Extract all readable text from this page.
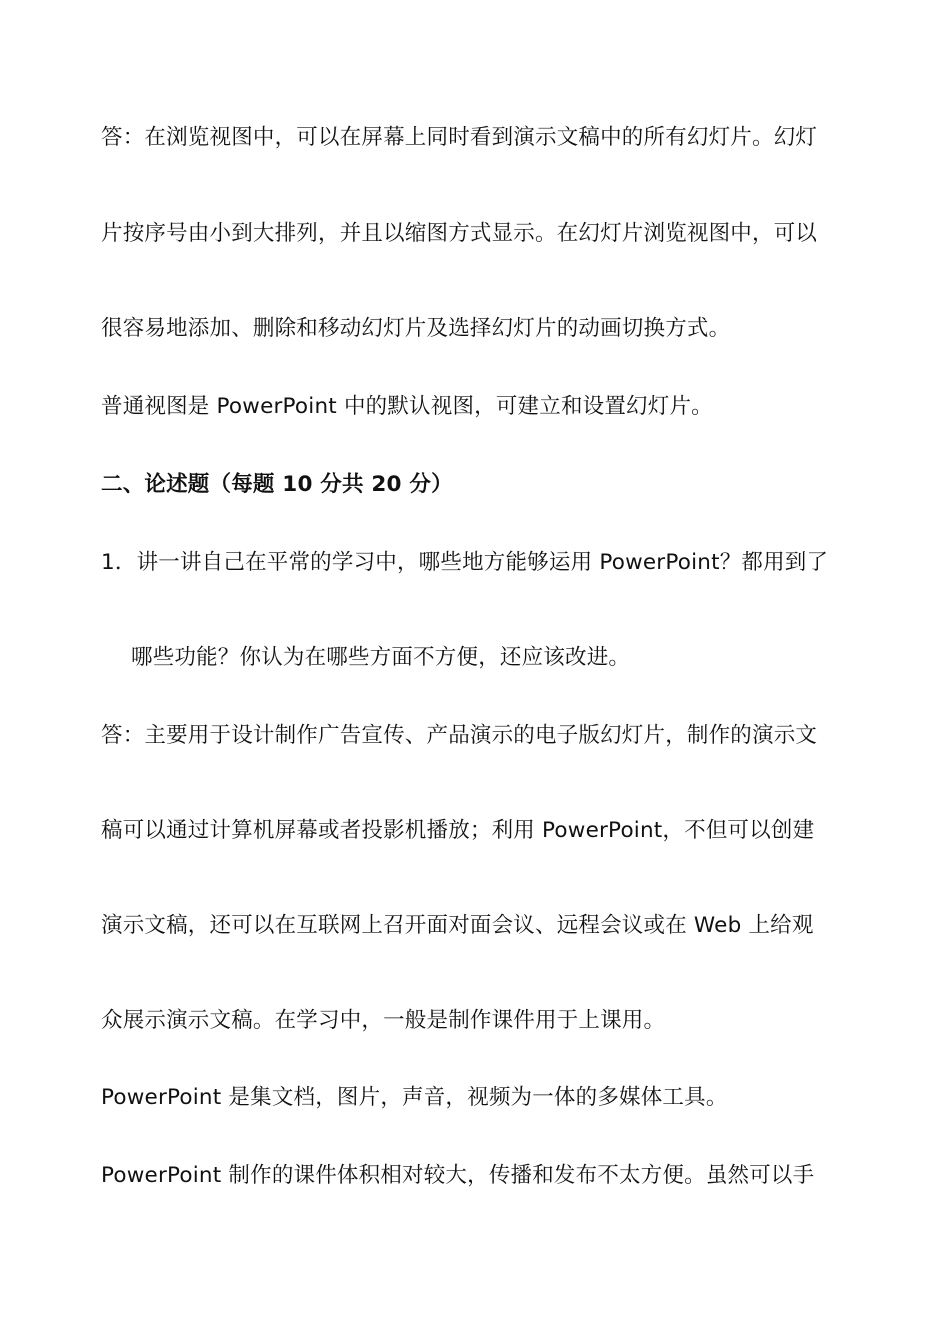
答：在浏览视图中，可以在屏幕上同时看到演示文稿中的所有幻灯片。幻灯
片按序号由小到大排列，并且以缩图方式显示。在幻灯片浏览视图中，可以
很容易地添加、删除和移动幻灯片及选择幻灯片的动画切换方式。
普通视图是 PowerPoint 中的默认视图，可建立和设置幻灯片。
二、论述题（每题 10 分共 20 分）
1．讲一讲自己在平常的学习中，哪些地方能够运用 PowerPoint？都用到了
哪些功能？你认为在哪些方面不方便，还应该改进。
答：主要用于设计制作广告宣传、产品演示的电子版幻灯片，制作的演示文
稿可以通过计算机屏幕或者投影机播放；利用 PowerPoint，不但可以创建
演示文稿，还可以在互联网上召开面对面会议、远程会议或在 Web 上给观
众展示演示文稿。在学习中，一般是制作课件用于上课用。
PowerPoint 是集文档，图片，声音，视频为一体的多媒体工具。
PowerPoint 制作的课件体积相对较大，传播和发布不太方便。虽然可以手
